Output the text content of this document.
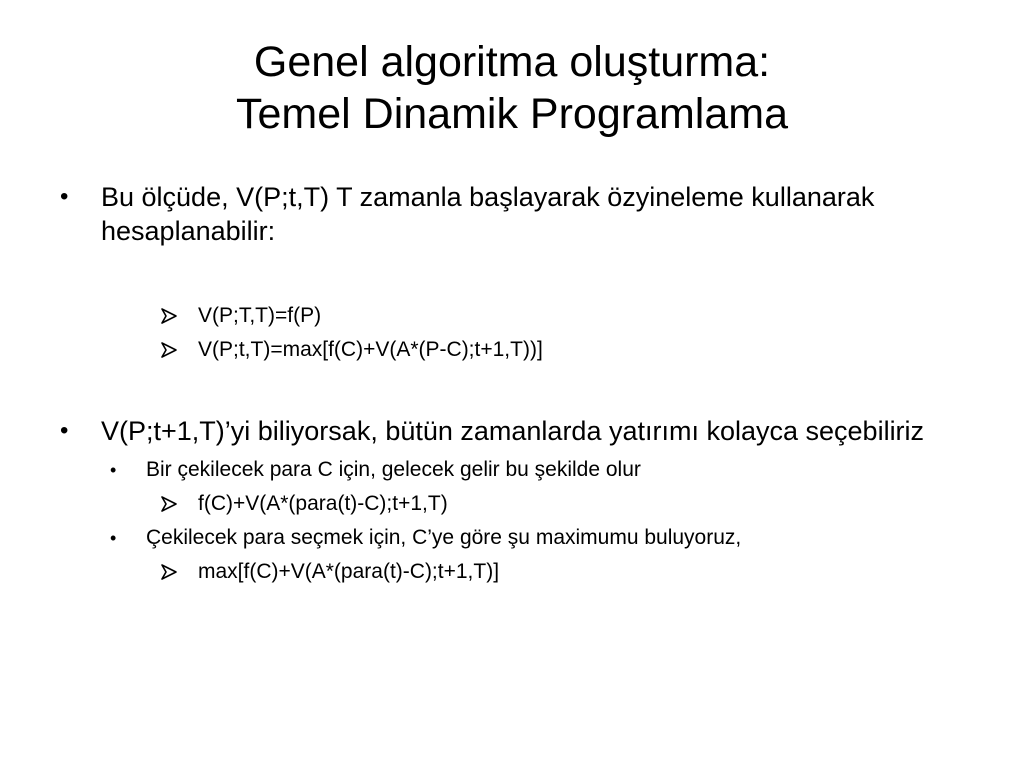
Genel algoritma oluşturma:
Temel Dinamik Programlama
• Bu ölçüde, V(P;t,T) T zamanla başlayarak özyineleme kullanarak hesaplanabilir:
V(P;T,T)=f(P)
V(P;t,T)=max[f(C)+V(A*(P-C);t+1,T))]
• V(P;t+1,T)’yi biliyorsak, bütün zamanlarda yatırımı kolayca seçebiliriz
• Bir çekilecek para C için, gelecek gelir bu şekilde olur
f(C)+V(A*(para(t)-C);t+1,T)
• Çekilecek para seçmek için, C’ye göre şu maximumu buluyoruz,
max[f(C)+V(A*(para(t)-C);t+1,T)]
